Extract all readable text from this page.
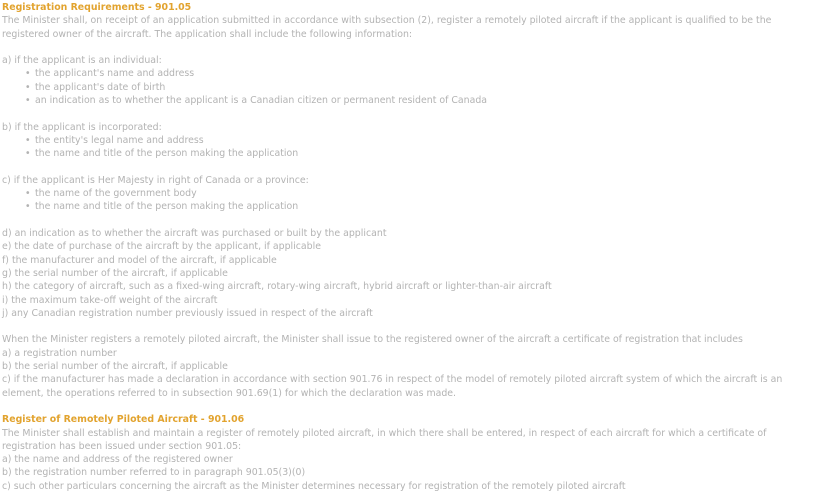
Registration Requirements - 901.05

The Minister shall, on receipt of an application submitted in accordance with subsection (2), register a remotely piloted aircraft if the applicant is qualified to be the registered owner of the aircraft. The application shall include the following information:

a) if the applicant is an individual:

• the applicant's name and address
• the applicant's date of birth
• an indication as to whether the applicant is a Canadian citizen or permanent resident of Canada

b) if the applicant is incorporated:

• the entity's legal name and address
• the name and title of the person making the application

c) if the applicant is Her Majesty in right of Canada or a province:

• the name of the government body
• the name and title of the person making the application

d) an indication as to whether the aircraft was purchased or built by the applicant

e) the date of purchase of the aircraft by the applicant, if applicable

f) the manufacturer and model of the aircraft, if applicable

g) the serial number of the aircraft, if applicable

h) the category of aircraft, such as a fixed-wing aircraft, rotary-wing aircraft, hybrid aircraft or lighter-than-air aircraft

i) the maximum take-off weight of the aircraft

j) any Canadian registration number previously issued in respect of the aircraft

When the Minister registers a remotely piloted aircraft, the Minister shall issue to the registered owner of the aircraft a certificate of registration that includes

a) a registration number

b) the serial number of the aircraft, if applicable

c) if the manufacturer has made a declaration in accordance with section 901.76 in respect of the model of remotely piloted aircraft system of which the aircraft is an element, the operations referred to in subsection 901.69(1) for which the declaration was made.

Register of Remotely Piloted Aircraft - 901.06

The Minister shall establish and maintain a register of remotely piloted aircraft, in which there shall be entered, in respect of each aircraft for which a certificate of registration has been issued under section 901.05:

a) the name and address of the registered owner

b) the registration number referred to in paragraph 901.05(3)(0)

c) such other particulars concerning the aircraft as the Minister determines necessary for registration of the remotely piloted aircraft
